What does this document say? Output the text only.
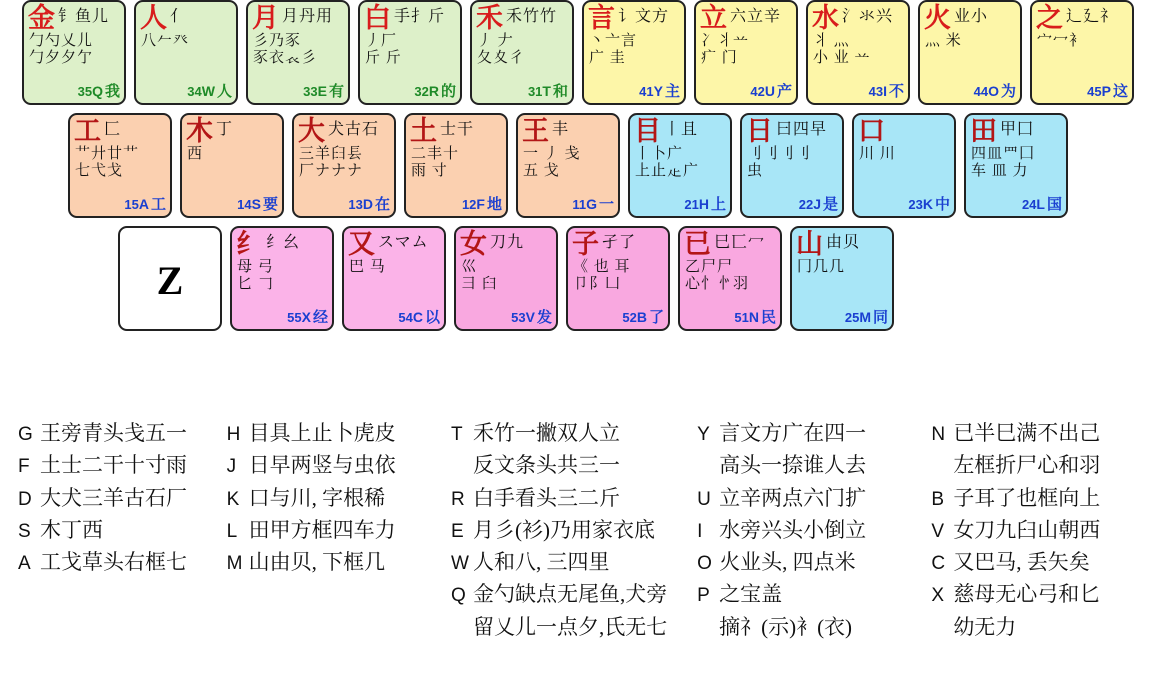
金 钅鱼儿
勹勺乂儿
勹夕夕亇
35Q 我
人 亻
八𠂉癶
34W 人
月 月丹用
彡乃豕
豕衣𧘇彡
33E 有
白 手扌斤
丿厂
斤 斤
32R 的
禾 禾竹竹
丿 𠂇
夂夊彳
31T 和
言 讠文方
丶亠言
广 圭
41Y 主
立 六立辛
冫丬䒑
疒 门
42U 产
水 氵氺兴
丬 灬
小 业 䒑
43I 不
火 业小
灬 米
44O 为
之 辶廴礻
宀冖衤
45P 这
工 匚
艹廾廿艹
七弋戈
15A 工
木 丁
西
14S 要
大 犬古石
三羊𦥑镸
厂ナナナ
13D 在
土 士干
二丰十
雨 寸
12F 地
王 丰
一 丿 戋
五 戈
11G 一
目 丨且
丨卜广
上止龰广
21H 上
日 曰四早
刂刂刂刂
虫
22J 是
口
川 川
23K 中
田 甲囗
四皿罒囗
车 皿 力
24L 国
Z
纟 纟幺
母 弓
匕 𠃌
55X 经
又 スマム
巴 马
54C 以
女 刀九
巛
彐 臼
53V 发
子 孑了
《 也 耳
卩阝凵
52B 了
已 巳匸冖
乙尸尸
心忄㣺羽
51N 民
山 由贝
冂几几
25M 同
G 王旁青头戋五一
F 土士二干十寸雨
D 大犬三羊古石厂
S 木丁西
A 工戈草头右框七
H 目具上止卜虎皮
J 日早两竖与虫依
K 口与川, 字根稀
L 田甲方框四车力
M 山由贝, 下框几
T 禾竹一撇双人立
反文条头共三一
R 白手看头三二斤
E 月彡(衫)乃用家衣底
W 人和八, 三四里
Q 金勺缺点无尾鱼,犬旁
留乂儿一点夕,氏无七
Y 言文方广在四一
高头一捺谁人去
U 立辛两点六门扩
I 水旁兴头小倒立
O 火业头, 四点米
P 之宝盖
摘礻(示)衤(衣)
N 已半巳满不出己
左框折尸心和羽
B 子耳了也框向上
V 女刀九臼山朝西
C 又巴马, 丢矢矣
X 慈母无心弓和匕
幼无力
